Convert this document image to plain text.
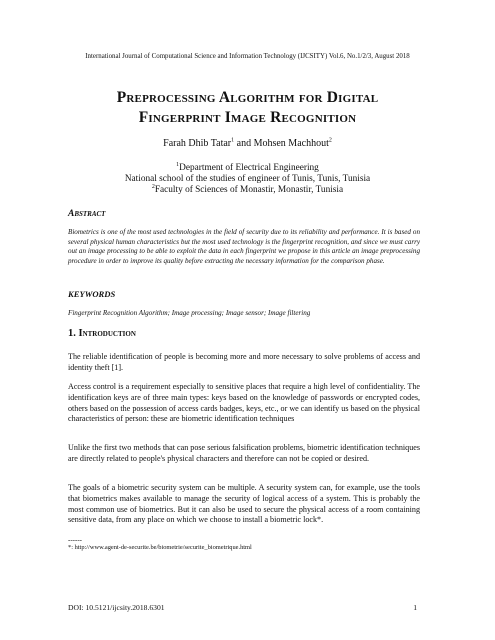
International Journal of Computational Science and Information Technology (IJCSITY) Vol.6, No.1/2/3, August 2018
Preprocessing Algorithm for Digital
Fingerprint Image Recognition
Farah Dhib Tatar$^1$ and Mohsen Machhout$^2$
$^1$Department of Electrical Engineering
National school of the studies of engineer of Tunis, Tunis, Tunisia
$^2$Faculty of Sciences of Monastir, Monastir, Tunisia
Abstract
Biometrics is one of the most used technologies in the field of security due to its reliability and performance. It is based on several physical human characteristics but the most used technology is the fingerprint recognition, and since we must carry out an image processing to be able to exploit the data in each fingerprint we propose in this article an image preprocessing procedure in order to improve its quality before extracting the necessary information for the comparison phase.
KEYWORDS
Fingerprint Recognition Algorithm; Image processing; Image sensor; Image filtering
1. Introduction
The reliable identification of people is becoming more and more necessary to solve problems of access and identity theft [1].
Access control is a requirement especially to sensitive places that require a high level of confidentiality. The identification keys are of three main types: keys based on the knowledge of passwords or encrypted codes, others based on the possession of access cards badges, keys, etc., or we can identify us based on the physical characteristics of person: these are biometric identification techniques
Unlike the first two methods that can pose serious falsification problems, biometric identification techniques are directly related to people's physical characters and therefore can not be copied or desired.
The goals of a biometric security system can be multiple. A security system can, for example, use the tools that biometrics makes available to manage the security of logical access of a system. This is probably the most common use of biometrics. But it can also be used to secure the physical access of a room containing sensitive data, from any place on which we choose to install a biometric lock*.
------
*: http://www.agent-de-securite.be/biometrie/securite_biometrique.html
DOI: 10.5121/ijcsity.2018.6301	1
